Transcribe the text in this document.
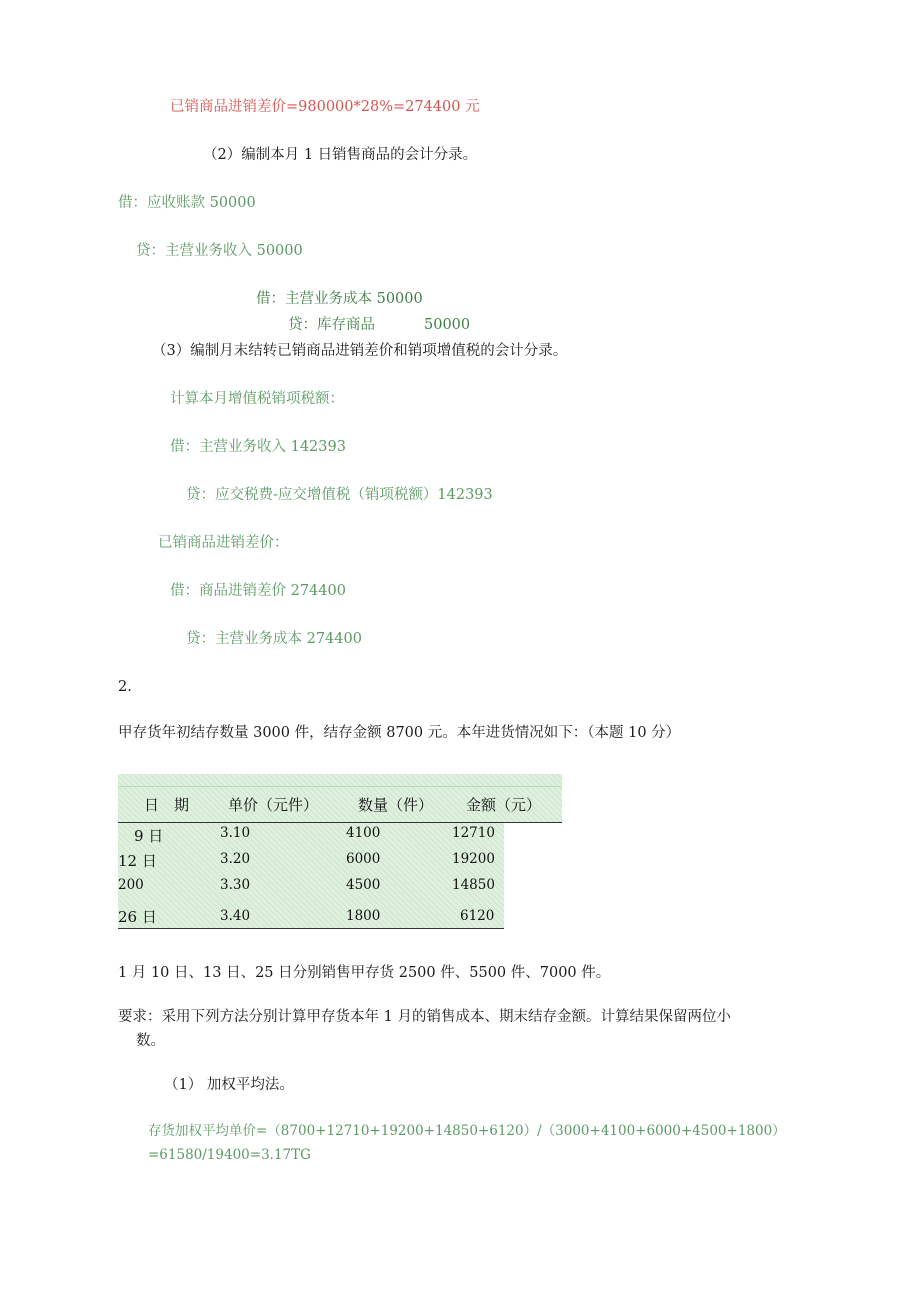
已销商品进销差价=980000*28%=274400 元
（2）编制本月 1 日销售商品的会计分录。
借：应收账款 50000
贷：主营业务收入 50000
借：主营业务成本 50000
贷：库存商品	50000
（3）编制月末结转已销商品进销差价和销项增值税的会计分录。
计算本月增值税销项税额：
借：主营业务收入 142393
贷：应交税费-应交增值税（销项税额）142393
已销商品进销差价：
借：商品进销差价 274400
贷：主营业务成本 274400
2.
甲存货年初结存数量 3000 件，结存金额 8700 元。本年进货情况如下：（本题 10 分）
日　期	单价（元件）	数量（件） 金额（元）
9 日	3.10	4100	12710
12 日	3.20	6000	19200
200	3.30	4500	14850
26 日	3.40	1800	6120
1 月 10 日、13 日、25 日分别销售甲存货 2500 件、5500 件、7000 件。
要求：采用下列方法分别计算甲存货本年 1 月的销售成本、期末结存金额。计算结果保留两位小
数。
（1） 加权平均法。
存货加权平均单价=（8700+12710+19200+14850+6120）/（3000+4100+6000+4500+1800）
=61580/19400=3.17TG
